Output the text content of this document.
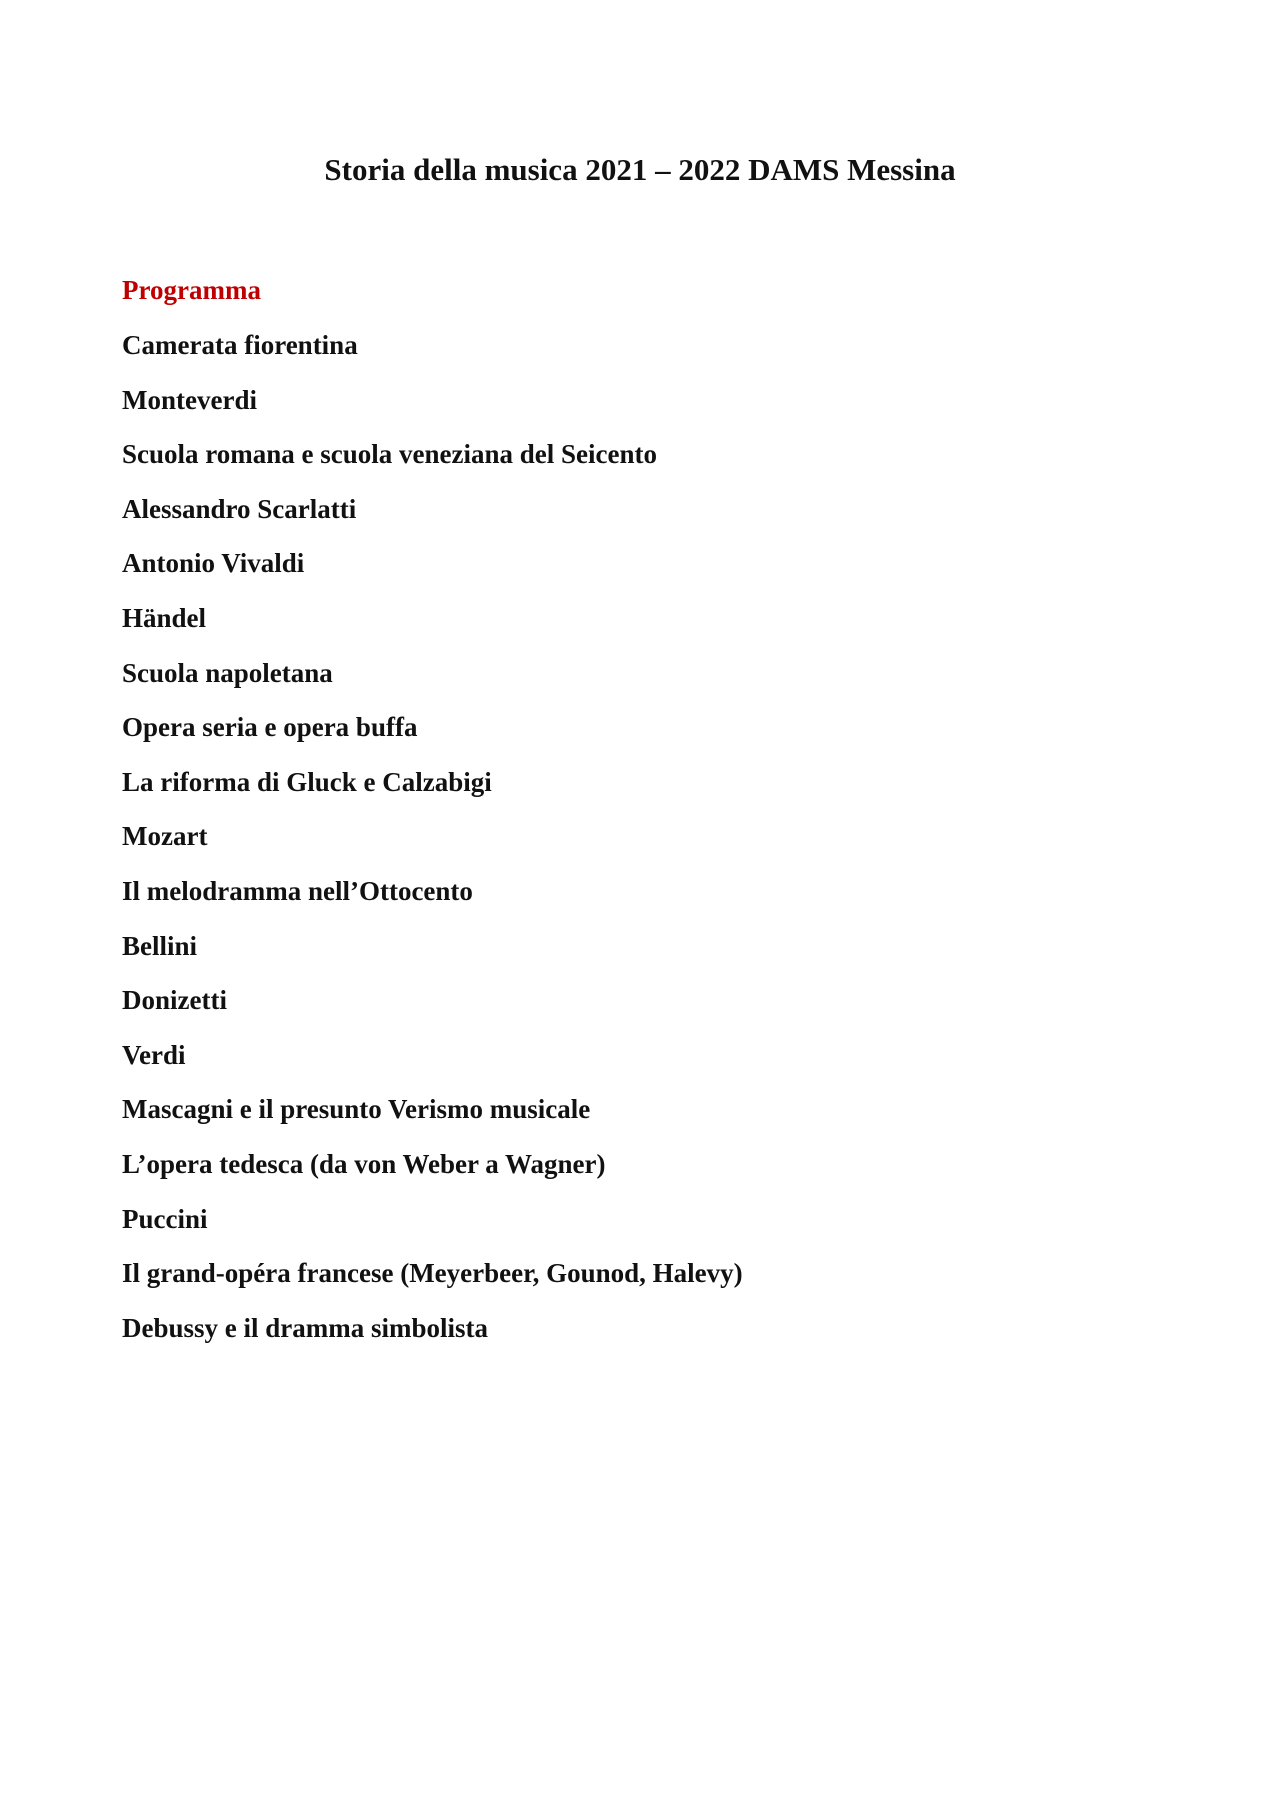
Storia della musica 2021 – 2022 DAMS Messina
Programma
Camerata fiorentina
Monteverdi
Scuola romana e scuola veneziana del Seicento
Alessandro Scarlatti
Antonio Vivaldi
Händel
Scuola napoletana
Opera seria e opera buffa
La riforma di Gluck e Calzabigi
Mozart
Il melodramma nell’Ottocento
Bellini
Donizetti
Verdi
Mascagni e il presunto Verismo musicale
L’opera tedesca (da von Weber a Wagner)
Puccini
Il grand-opéra francese (Meyerbeer, Gounod, Halevy)
Debussy e il dramma simbolista
